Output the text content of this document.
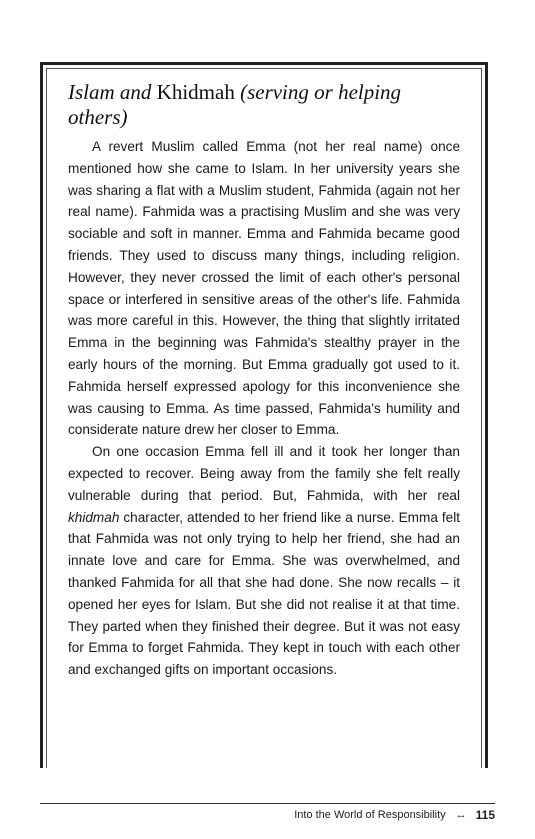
Islam and Khidmah (serving or helping others)

A revert Muslim called Emma (not her real name) once mentioned how she came to Islam. In her university years she was sharing a flat with a Muslim student, Fahmida (again not her real name). Fahmida was a practising Muslim and she was very sociable and soft in manner. Emma and Fahmida became good friends. They used to discuss many things, including religion. However, they never crossed the limit of each other's personal space or interfered in sensitive areas of the other's life. Fahmida was more careful in this. However, the thing that slightly irritated Emma in the beginning was Fahmida's stealthy prayer in the early hours of the morning. But Emma gradually got used to it. Fahmida herself expressed apology for this inconvenience she was causing to Emma. As time passed, Fahmida's humility and considerate nature drew her closer to Emma.

On one occasion Emma fell ill and it took her longer than expected to recover. Being away from the family she felt really vulnerable during that period. But, Fahmida, with her real khidmah character, attended to her friend like a nurse. Emma felt that Fahmida was not only trying to help her friend, she had an innate love and care for Emma. She was overwhelmed, and thanked Fahmida for all that she had done. She now recalls – it opened her eyes for Islam. But she did not realise it at that time. They parted when they finished their degree. But it was not easy for Emma to forget Fahmida. They kept in touch with each other and exchanged gifts on important occasions.

Into the World of Responsibility ↔ 115
